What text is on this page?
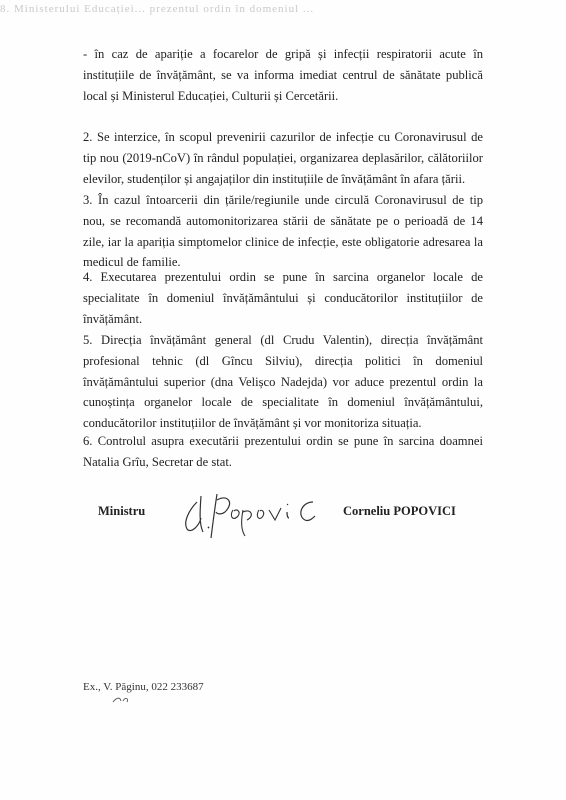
8. Ministerului Educației... prezentul ordin în domeniul ...

- în caz de apariție a focarelor de gripă și infecții respiratorii acute în instituțiile de învățământ, se va informa imediat centrul de sănătate publică local și Ministerul Educației, Culturii și Cercetării.

2. Se interzice, în scopul prevenirii cazurilor de infecție cu Coronavirusul de tip nou (2019-nCoV) în rândul populației, organizarea deplasărilor, călătoriilor elevilor, studenților și angajaților din instituțiile de învățământ în afara țării.

3. În cazul întoarcerii din țările/regiunile unde circulă Coronavirusul de tip nou, se recomandă automonitorizarea stării de sănătate pe o perioadă de 14 zile, iar la apariția simptomelor clinice de infecție, este obligatorie adresarea la medicul de familie.

4. Executarea prezentului ordin se pune în sarcina organelor locale de specialitate în domeniul învățământului și conducătorilor instituțiilor de învățământ.

5. Direcția învățământ general (dl Crudu Valentin), direcția învățământ profesional tehnic (dl Gîncu Silviu), direcția politici în domeniul învățământului superior (dna Velișco Nadejda) vor aduce prezentul ordin la cunoștința organelor locale de specialitate în domeniul învățământului, conducătorilor instituțiilor de învățământ și vor monitoriza situația.

6. Controlul asupra executării prezentului ordin se pune în sarcina doamnei Natalia Grîu, Secretar de stat.

Ministru	Corneliu POPOVICI
Ex., V. Păginu, 022 233687
